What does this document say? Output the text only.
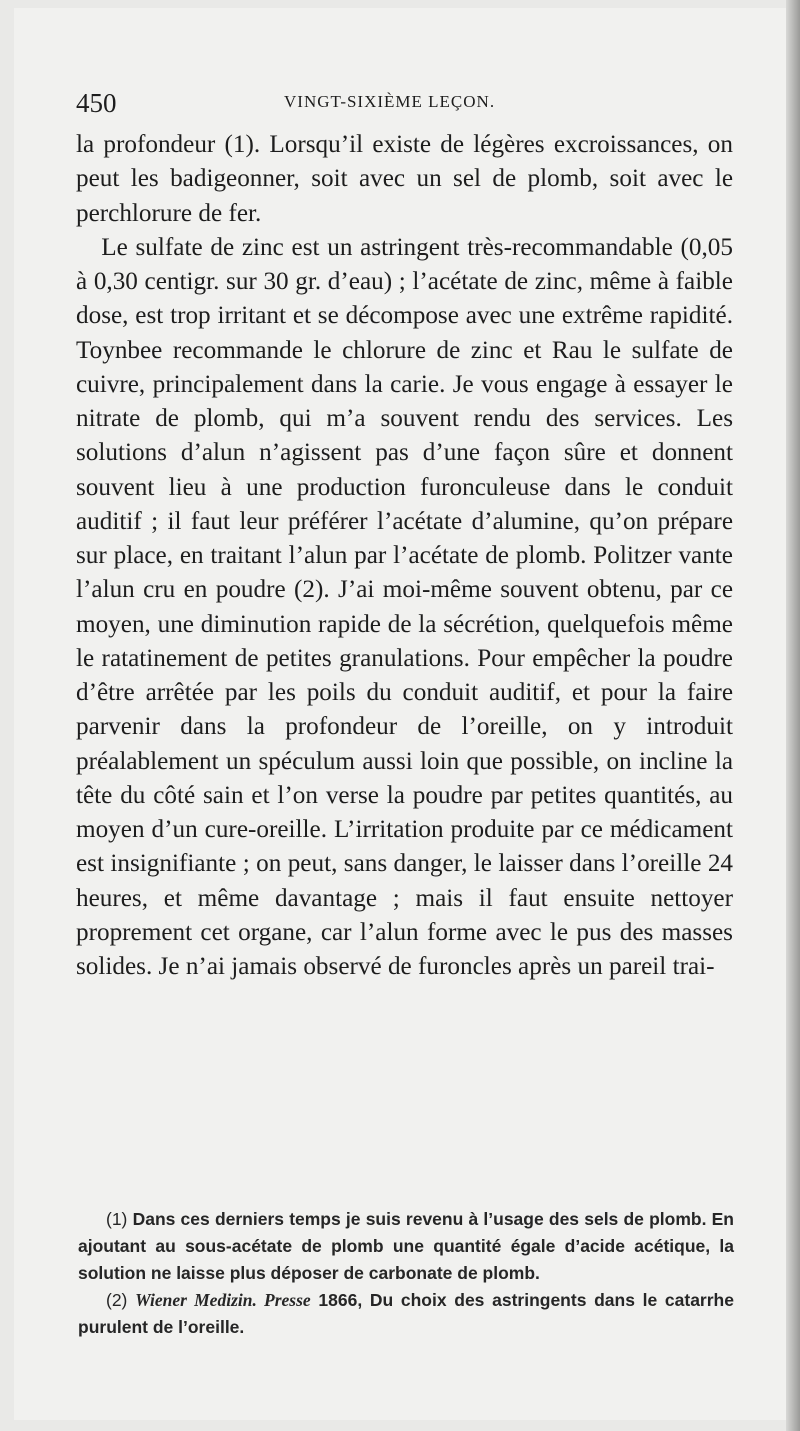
450	VINGT-SIXIÈME LEÇON.

la profondeur (1). Lorsqu’il existe de légères excroissances, on peut les badigeonner, soit avec un sel de plomb, soit avec le perchlorure de fer.

Le sulfate de zinc est un astringent très-recommandable (0,05 à 0,30 centigr. sur 30 gr. d’eau) ; l’acétate de zinc, même à faible dose, est trop irritant et se décompose avec une extrême rapidité. Toynbee recommande le chlorure de zinc et Rau le sulfate de cuivre, principalement dans la carie. Je vous engage à essayer le nitrate de plomb, qui m’a souvent rendu des services. Les solutions d’alun n’agissent pas d’une façon sûre et donnent souvent lieu à une production furonculeuse dans le conduit auditif ; il faut leur préférer l’acétate d’alumine, qu’on prépare sur place, en traitant l’alun par l’acétate de plomb. Politzer vante l’alun cru en poudre (2). J’ai moi-même souvent obtenu, par ce moyen, une diminution rapide de la sécrétion, quelquefois même le ratatinement de petites granulations. Pour empêcher la poudre d’être arrêtée par les poils du conduit auditif, et pour la faire parvenir dans la profondeur de l’oreille, on y introduit préalablement un spéculum aussi loin que possible, on incline la tête du côté sain et l’on verse la poudre par petites quantités, au moyen d’un cure-oreille. L’irritation produite par ce médicament est insignifiante ; on peut, sans danger, le laisser dans l’oreille 24 heures, et même davantage ; mais il faut ensuite nettoyer proprement cet organe, car l’alun forme avec le pus des masses solides. Je n’ai jamais observé de furoncles après un pareil trai-

(1) Dans ces derniers temps je suis revenu à l’usage des sels de plomb. En ajoutant au sous-acétate de plomb une quantité égale d’acide acétique, la solution ne laisse plus déposer de carbonate de plomb.

(2) Wiener Medizin. Presse 1866, Du choix des astringents dans le catarrhe purulent de l’oreille.
